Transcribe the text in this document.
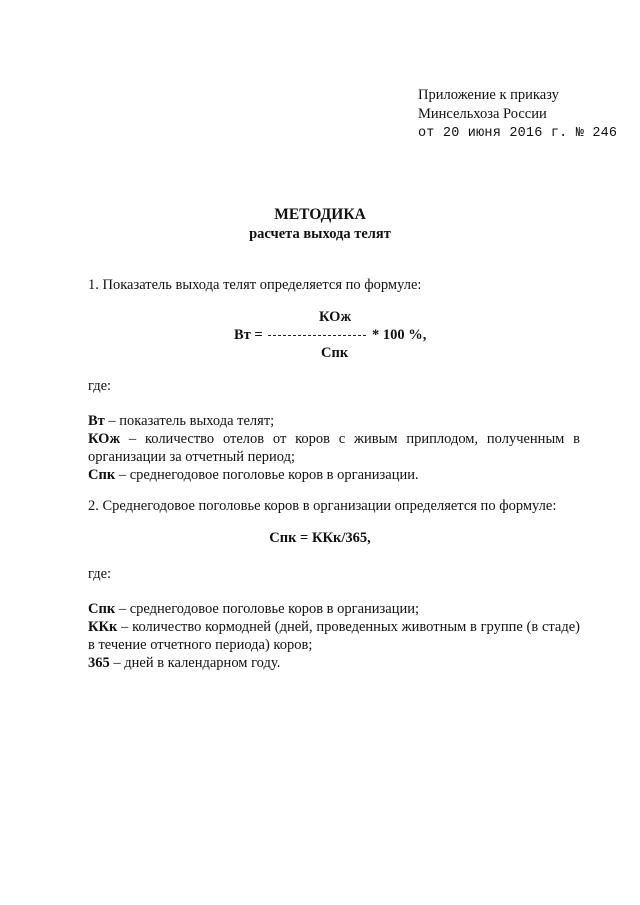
Приложение к приказу
Минсельхоза России
от 20 июня 2016 г. № 246
МЕТОДИКА
расчета выхода телят
1. Показатель выхода телят определяется по формуле:
КОж
Вт =	* 100 %,
Спк
где:
Вт – показатель выхода телят;
КОж – количество отелов от коров с живым приплодом, полученным в организации за отчетный период;
Спк – среднегодовое поголовье коров в организации.
2. Среднегодовое поголовье коров в организации определяется по формуле:
Спк = ККк/365,
где:
Спк – среднегодовое поголовье коров в организации;
ККк – количество кормодней (дней, проведенных животным в группе (в стаде) в течение отчетного периода) коров;
365 – дней в календарном году.
